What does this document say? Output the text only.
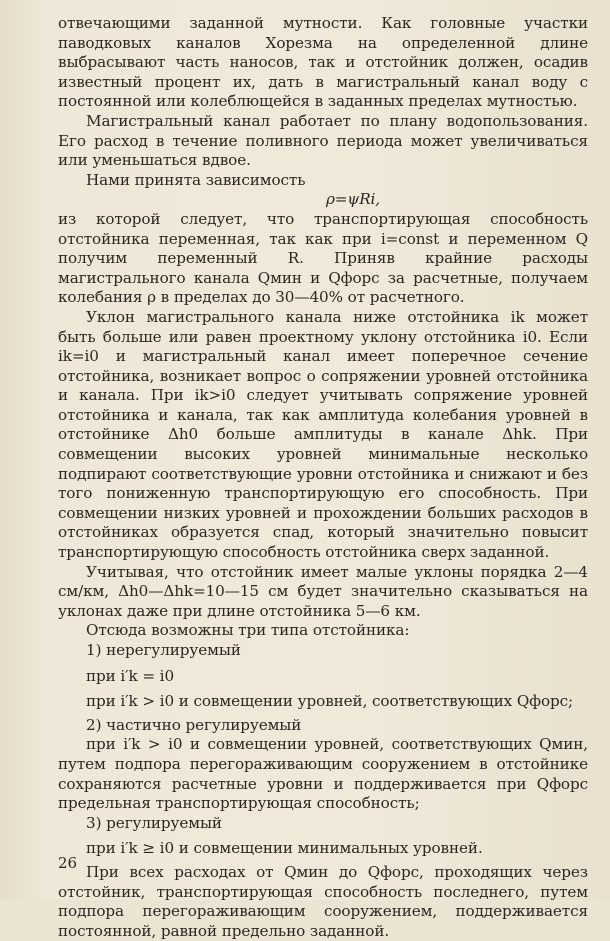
отвечающими заданной мутности. Как головные участки паводковых каналов Хорезма на определенной длине выбрасывают часть наносов, так и отстойник должен, осадив известный процент их, дать в магистральный канал воду с постоянной или колеблющейся в заданных пределах мутностью.

Магистральный канал работает по плану водопользования. Его расход в течение поливного периода может увеличиваться или уменьшаться вдвое.

Нами принята зависимость

ρ=ψRi,

из которой следует, что транспортирующая способность отстойника переменная, так как при i=const и переменном Q получим переменный R. Приняв крайние расходы магистрального канала Qмин и Qфорс за расчетные, получаем колебания ρ в пределах до 30—40% от расчетного.

Уклон магистрального канала ниже отстойника ik может быть больше или равен проектному уклону отстойника i0. Если ik=i0 и магистральный канал имеет поперечное сечение отстойника, возникает вопрос о сопряжении уровней отстойника и канала. При ik>i0 следует учитывать сопряжение уровней отстойника и канала, так как амплитуда колебания уровней в отстойнике Δh0 больше амплитуды в канале Δhk. При совмещении высоких уровней минимальные несколько подпирают соответствующие уровни отстойника и снижают и без того пониженную транспортирующую его способность. При совмещении низких уровней и прохождении больших расходов в отстойниках образуется спад, который значительно повысит транспортирующую способность отстойника сверх заданной.

Учитывая, что отстойник имеет малые уклоны порядка 2—4 см/км, Δh0—Δhk=10—15 см будет значительно сказываться на уклонах даже при длине отстойника 5—6 км.

Отсюда возможны три типа отстойника:

1) нерегулируемый

при i′k = i0

при i′k > i0 и совмещении уровней, соответствующих Qфорс;

2) частично регулируемый

при i′k > i0 и совмещении уровней, соответствующих Qмин, путем подпора перегораживающим сооружением в отстойнике сохраняются расчетные уровни и поддерживается при Qфорс предельная транспортирующая способность;

3) регулируемый

при i′k ≥ i0 и совмещении минимальных уровней.

При всех расходах от Qмин до Qфорс, проходящих через отстойник, транспортирующая способность последнего, путем подпора перегораживающим сооружением, поддерживается постоянной, равной предельно заданной.

26
